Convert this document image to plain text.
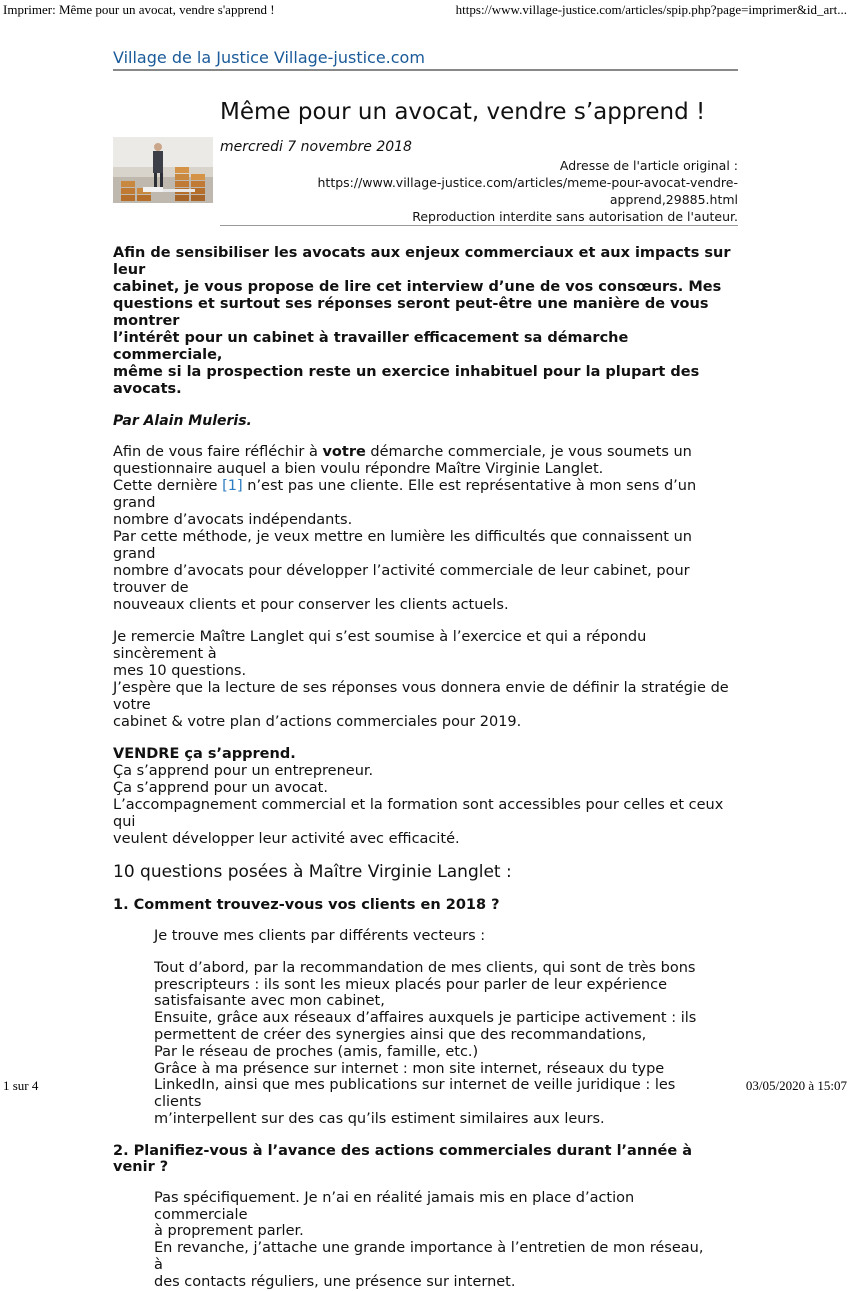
Imprimer: Même pour un avocat, vendre s'apprend !	https://www.village-justice.com/articles/spip.php?page=imprimer&id_art...
Village de la Justice Village-justice.com
Même pour un avocat, vendre s’apprend !
mercredi 7 novembre 2018
Adresse de l'article original :
https://www.village-justice.com/articles/meme-pour-avocat-vendre-
apprend,29885.html
Reproduction interdite sans autorisation de l'auteur.
Afin de sensibiliser les avocats aux enjeux commerciaux et aux impacts sur leur
cabinet, je vous propose de lire cet interview d’une de vos consœurs. Mes
questions et surtout ses réponses seront peut-être une manière de vous montrer
l’intérêt pour un cabinet à travailler efficacement sa démarche commerciale,
même si la prospection reste un exercice inhabituel pour la plupart des avocats.
Par Alain Muleris.
Afin de vous faire réfléchir à votre démarche commerciale, je vous soumets un
questionnaire auquel a bien voulu répondre Maître Virginie Langlet.
Cette dernière [1] n’est pas une cliente. Elle est représentative à mon sens d’un grand
nombre d’avocats indépendants.
Par cette méthode, je veux mettre en lumière les difficultés que connaissent un grand
nombre d’avocats pour développer l’activité commerciale de leur cabinet, pour trouver de
nouveaux clients et pour conserver les clients actuels.
Je remercie Maître Langlet qui s’est soumise à l’exercice et qui a répondu sincèrement à
mes 10 questions.
J’espère que la lecture de ses réponses vous donnera envie de définir la stratégie de votre
cabinet & votre plan d’actions commerciales pour 2019.
VENDRE ça s’apprend.
Ça s’apprend pour un entrepreneur.
Ça s’apprend pour un avocat.
L’accompagnement commercial et la formation sont accessibles pour celles et ceux qui
veulent développer leur activité avec efficacité.
10 questions posées à Maître Virginie Langlet :
1. Comment trouvez-vous vos clients en 2018 ?
Je trouve mes clients par différents vecteurs :
Tout d’abord, par la recommandation de mes clients, qui sont de très bons
prescripteurs : ils sont les mieux placés pour parler de leur expérience
satisfaisante avec mon cabinet,
Ensuite, grâce aux réseaux d’affaires auxquels je participe activement : ils
permettent de créer des synergies ainsi que des recommandations,
Par le réseau de proches (amis, famille, etc.)
Grâce à ma présence sur internet : mon site internet, réseaux du type
LinkedIn, ainsi que mes publications sur internet de veille juridique : les clients
m’interpellent sur des cas qu’ils estiment similaires aux leurs.
2. Planifiez-vous à l’avance des actions commerciales durant l’année à venir ?
Pas spécifiquement. Je n’ai en réalité jamais mis en place d’action commerciale
à proprement parler.
En revanche, j’attache une grande importance à l’entretien de mon réseau, à
des contacts réguliers, une présence sur internet.
1 sur 4	03/05/2020 à 15:07
